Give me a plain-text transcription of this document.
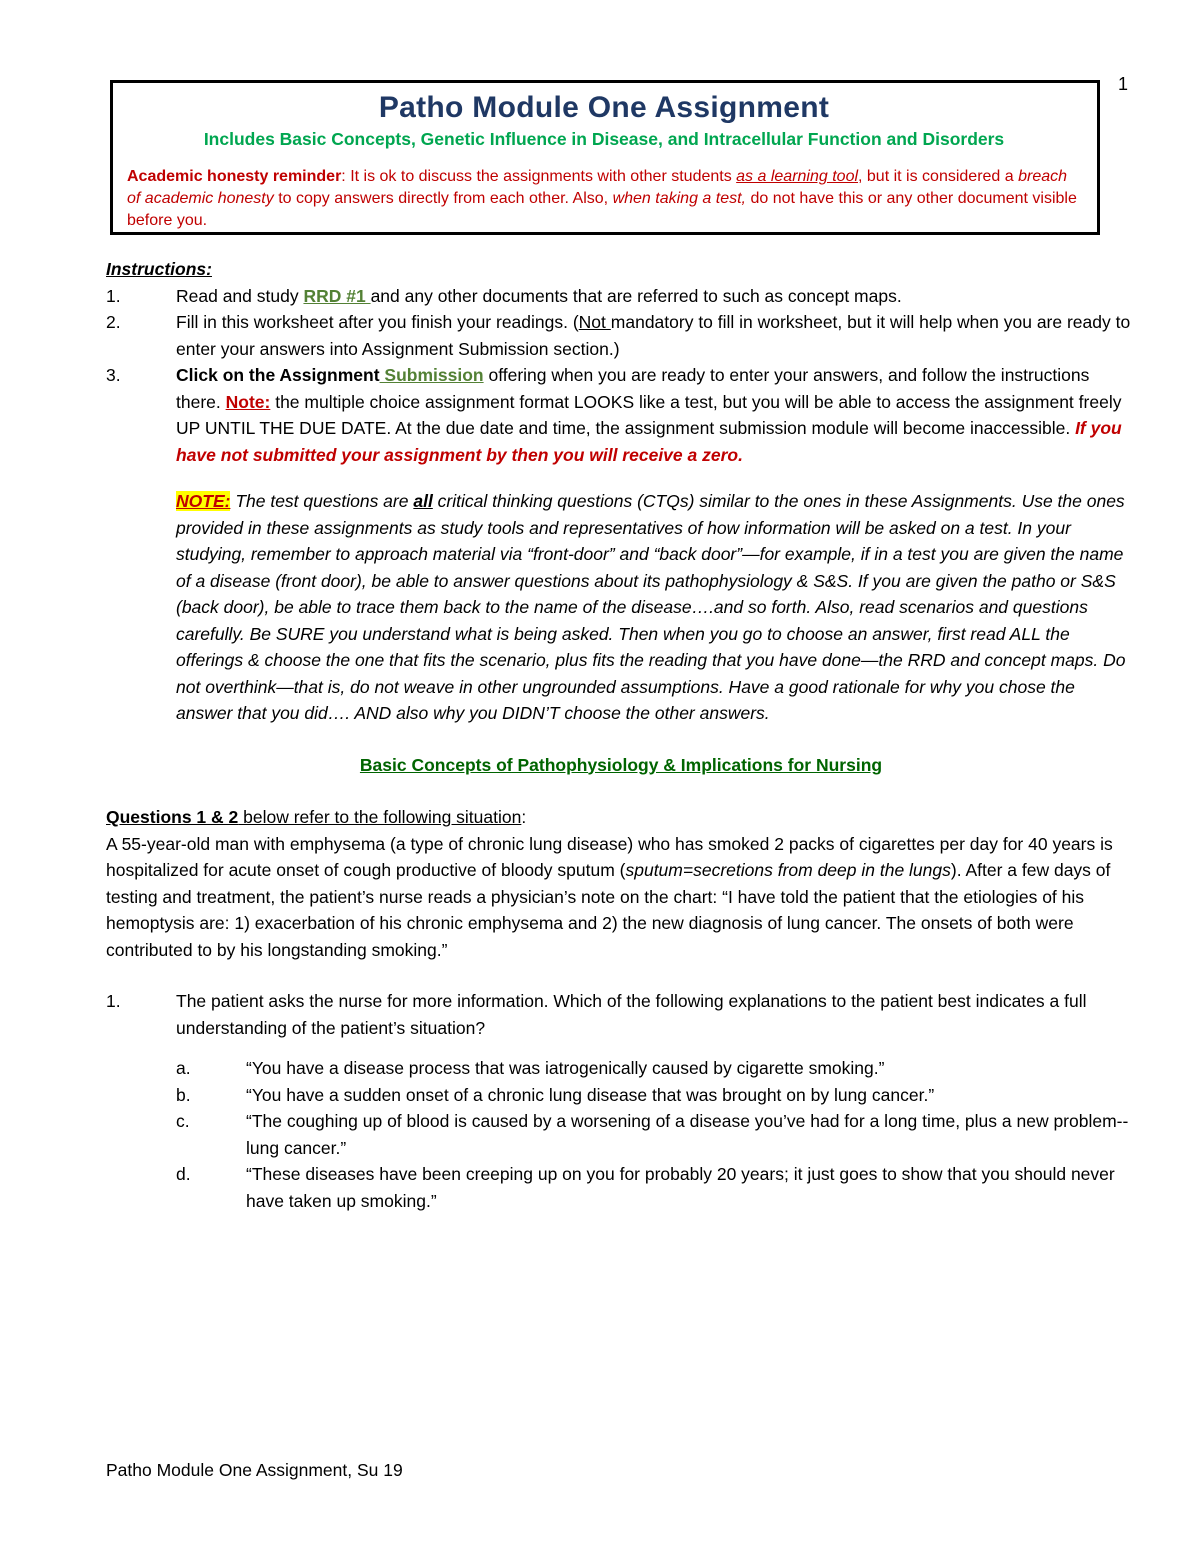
1

Patho Module One Assignment

Includes Basic Concepts, Genetic Influence in Disease, and Intracellular Function and Disorders

Academic honesty reminder: It is ok to discuss the assignments with other students as a learning tool, but it is considered a breach of academic honesty to copy answers directly from each other. Also, when taking a test, do not have this or any other document visible before you.

Instructions:

1.	Read and study RRD #1 and any other documents that are referred to such as concept maps.
2.	Fill in this worksheet after you finish your readings. (Not mandatory to fill in worksheet, but it will help when you are ready to enter your answers into Assignment Submission section.)
3.	Click on the Assignment Submission offering when you are ready to enter your answers, and follow the instructions there. Note: the multiple choice assignment format LOOKS like a test, but you will be able to access the assignment freely UP UNTIL THE DUE DATE. At the due date and time, the assignment submission module will become inaccessible. If you have not submitted your assignment by then you will receive a zero.
NOTE: The test questions are all critical thinking questions (CTQs) similar to the ones in these Assignments. Use the ones provided in these assignments as study tools and representatives of how information will be asked on a test. In your studying, remember to approach material via “front-door” and “back door”—for example, if in a test you are given the name of a disease (front door), be able to answer questions about its pathophysiology & S&S. If you are given the patho or S&S (back door), be able to trace them back to the name of the disease….and so forth. Also, read scenarios and questions carefully. Be SURE you understand what is being asked. Then when you go to choose an answer, first read ALL the offerings & choose the one that fits the scenario, plus fits the reading that you have done—the RRD and concept maps. Do not overthink—that is, do not weave in other ungrounded assumptions. Have a good rationale for why you chose the answer that you did…. AND also why you DIDN’T choose the other answers.

Basic Concepts of Pathophysiology & Implications for Nursing

Questions 1 & 2 below refer to the following situation:

A 55-year-old man with emphysema (a type of chronic lung disease) who has smoked 2 packs of cigarettes per day for 40 years is hospitalized for acute onset of cough productive of bloody sputum (sputum=secretions from deep in the lungs). After a few days of testing and treatment, the patient’s nurse reads a physician’s note on the chart: “I have told the patient that the etiologies of his hemoptysis are: 1) exacerbation of his chronic emphysema and 2) the new diagnosis of lung cancer. The onsets of both were contributed to by his longstanding smoking.”

1.	The patient asks the nurse for more information. Which of the following explanations to the patient best indicates a full understanding of the patient’s situation?
a.	“You have a disease process that was iatrogenically caused by cigarette smoking.”
b.	“You have a sudden onset of a chronic lung disease that was brought on by lung cancer.”
c.	“The coughing up of blood is caused by a worsening of a disease you’ve had for a long time, plus a new problem-- lung cancer.”
d.	“These diseases have been creeping up on you for probably 20 years; it just goes to show that you should never have taken up smoking.”
Patho Module One Assignment, Su 19
